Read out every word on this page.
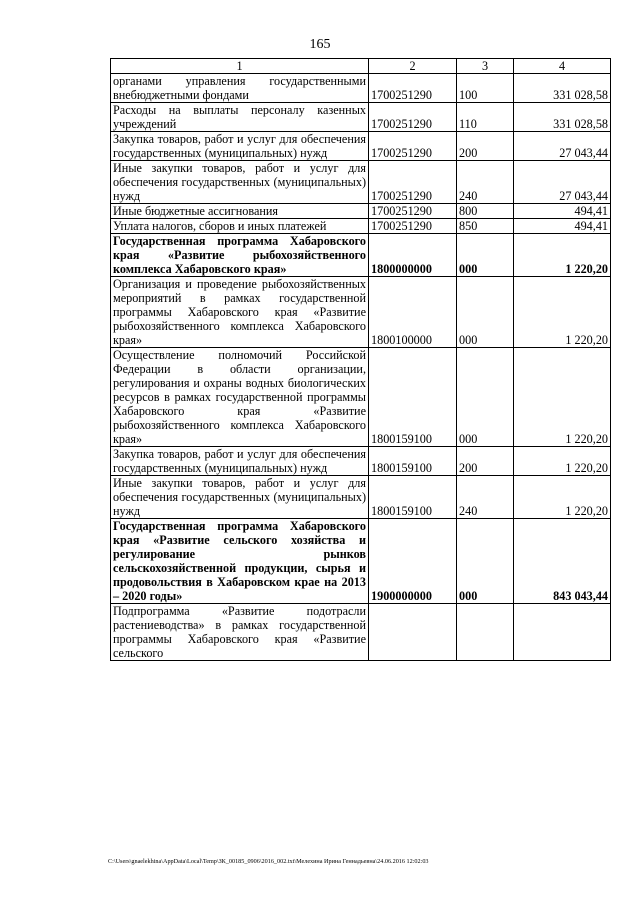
165
1	2	3	4
органами управления государственными внебюджетными фондами	1700251290	100	331 028,58
Расходы на выплаты персоналу казенных учреждений	1700251290	110	331 028,58
Закупка товаров, работ и услуг для обеспечения государственных (муниципальных) нужд	1700251290	200	27 043,44
Иные закупки товаров, работ и услуг для обеспечения государственных (муниципальных) нужд	1700251290	240	27 043,44
Иные бюджетные ассигнования	1700251290	800	494,41
Уплата налогов, сборов и иных платежей	1700251290	850	494,41
Государственная программа Хабаровского края «Развитие рыбохозяйственного комплекса Хабаровского края»	1800000000	000	1 220,20
Организация и проведение рыбохозяйственных мероприятий в рамках государственной программы Хабаровского края «Развитие рыбохозяйственного комплекса Хабаровского края»	1800100000	000	1 220,20
Осуществление полномочий Российской Федерации в области организации, регулирования и охраны водных биологических ресурсов в рамках государственной программы Хабаровского края «Развитие рыбохозяйственного комплекса Хабаровского края»	1800159100	000	1 220,20
Закупка товаров, работ и услуг для обеспечения государственных (муниципальных) нужд	1800159100	200	1 220,20
Иные закупки товаров, работ и услуг для обеспечения государственных (муниципальных) нужд	1800159100	240	1 220,20
Государственная программа Хабаровского края «Развитие сельского хозяйства и регулирование рынков сельскохозяйственной продукции, сырья и продовольствия в Хабаровском крае на 2013 – 2020 годы»	1900000000	000	843 043,44
Подпрограмма «Развитие подотрасли растениеводства» в рамках государственной программы Хабаровского края «Развитие сельского			
C:\Users\gnaelekhina\AppData\Local\Temp\ЗК_00185_0906\2016_002.txt\Мелехина Ирина Геннадьевна\24.06.2016 12:02:03
